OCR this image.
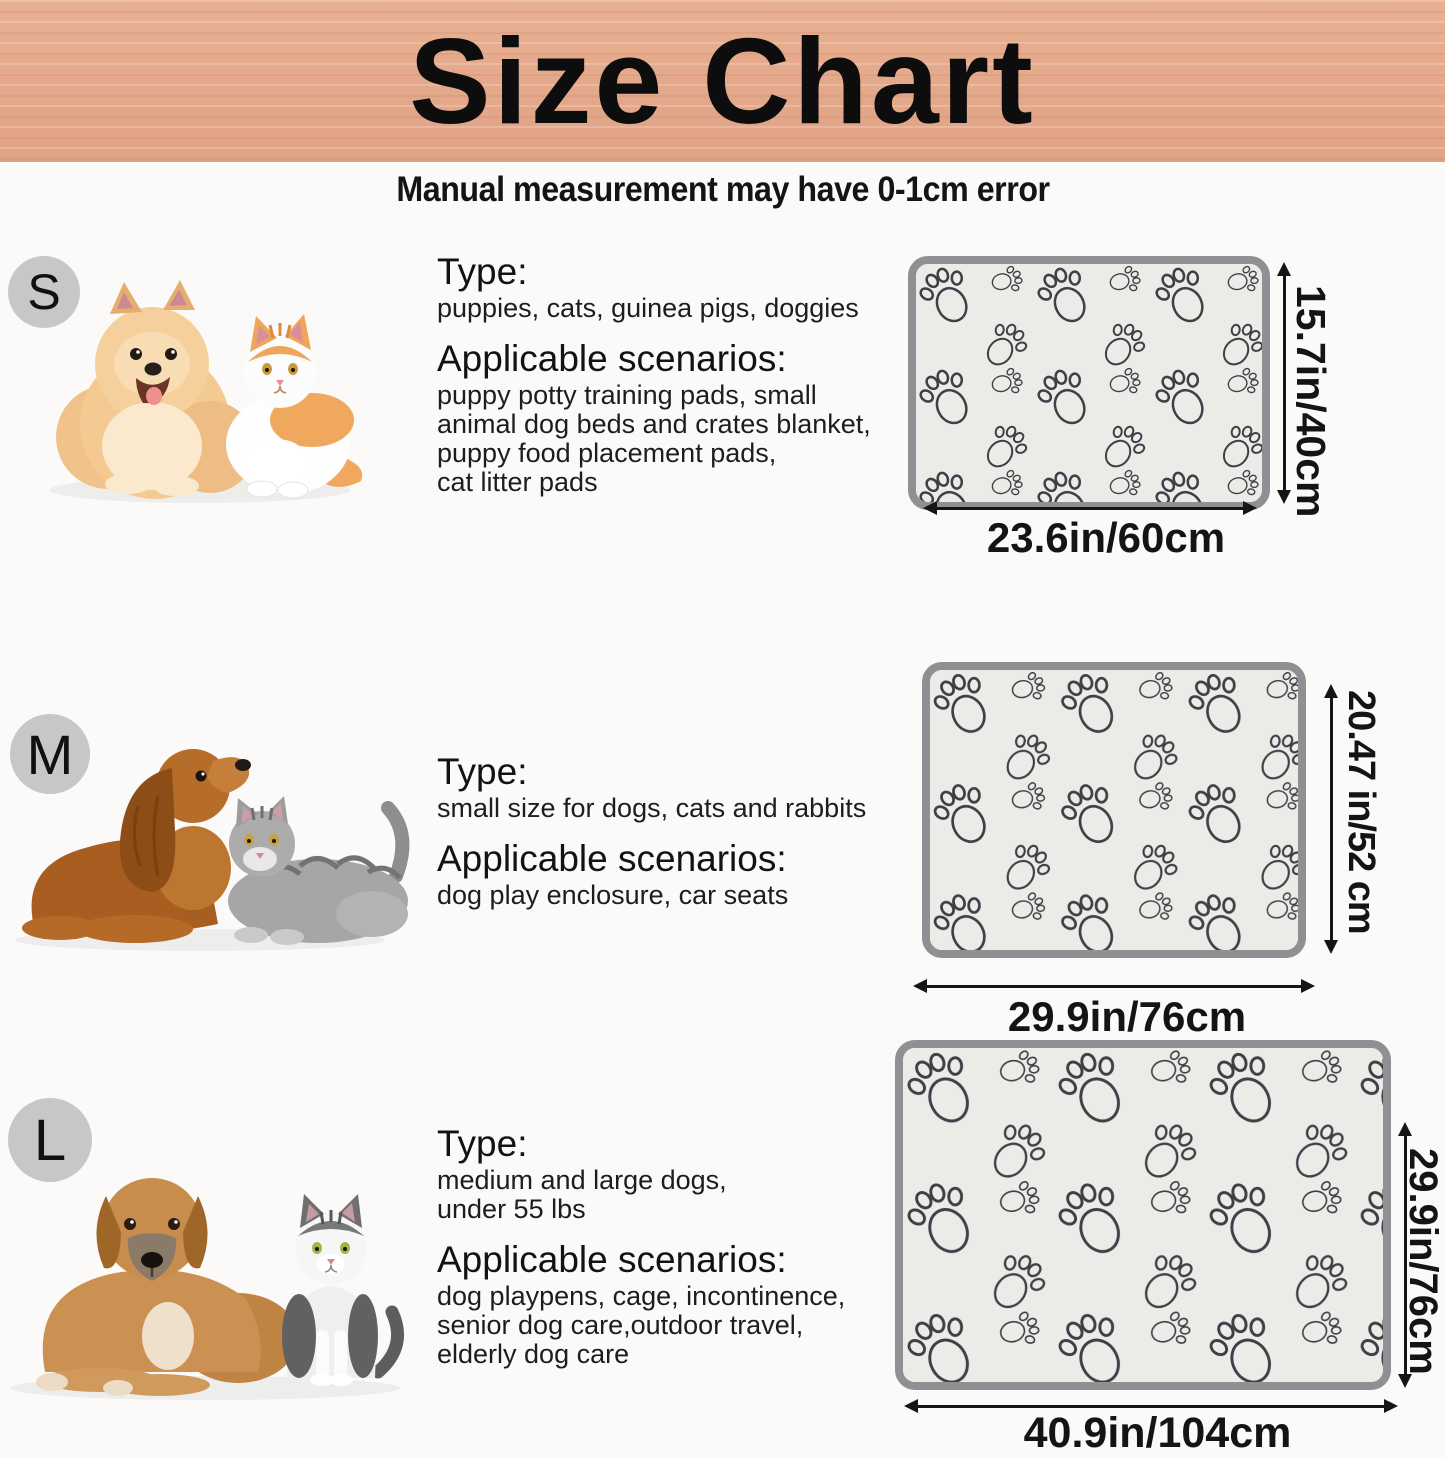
Size Chart
Manual measurement may have 0-1cm error
S	Type:
puppies, cats, guinea pigs, doggies
Applicable scenarios:
puppy potty training pads, small
animal dog beds and crates blanket,
puppy food placement pads,
cat litter pads	15.7in/40cm
23.6in/60cm
M	Type:
small size for dogs, cats and rabbits
Applicable scenarios:
dog play enclosure, car seats	20.47 in/52 cm
29.9in/76cm
L	Type:
medium and large dogs,
under 55 lbs
Applicable scenarios:
dog playpens, cage, incontinence,
senior dog care,outdoor travel,
elderly dog care	29.9in/76cm
40.9in/104cm
